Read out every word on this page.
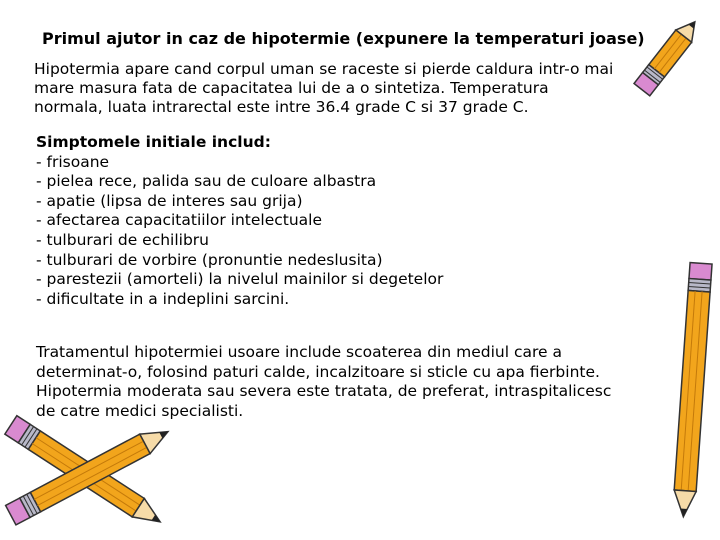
Primul ajutor in caz de hipotermie (expunere la temperaturi joase)
Hipotermia apare cand corpul uman se raceste si pierde caldura intr-o mai
mare masura fata de capacitatea lui de a o sintetiza. Temperatura
normala, luata intrarectal este intre 36.4 grade C si 37 grade C.
Simptomele initiale includ:
- frisoane
- pielea rece, palida sau de culoare albastra
- apatie (lipsa de interes sau grija)
- afectarea capacitatiilor intelectuale
- tulburari de echilibru
- tulburari de vorbire (pronuntie nedeslusita)
- parestezii (amorteli) la nivelul mainilor si degetelor
- dificultate in a indeplini sarcini.
Tratamentul hipotermiei usoare include scoaterea din mediul care a
determinat-o, folosind paturi calde, incalzitoare si sticle cu apa fierbinte.
Hipotermia moderata sau severa este tratata, de preferat, intraspitalicesc
de catre medici specialisti.
